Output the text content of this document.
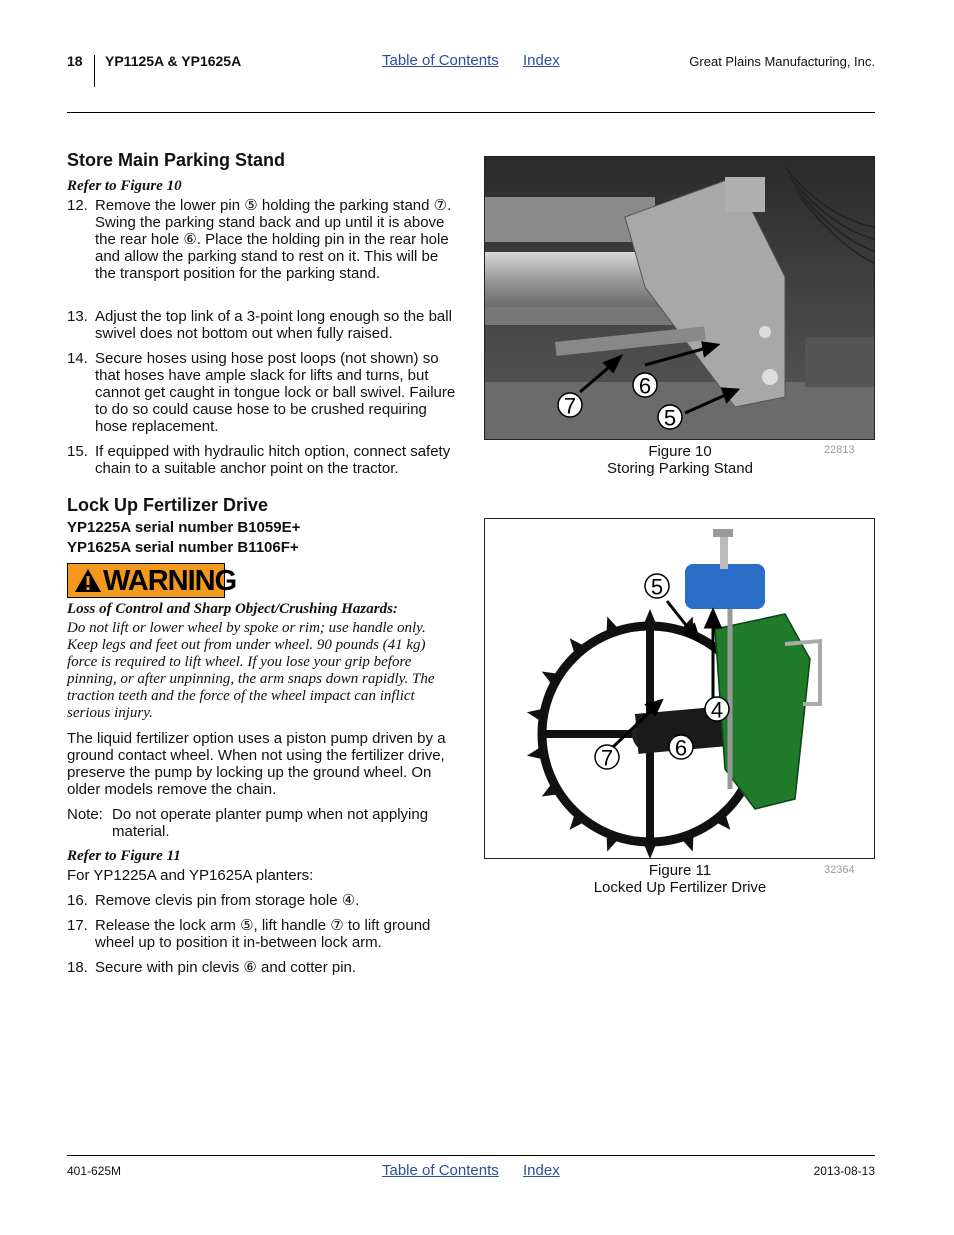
18 YP1125A & YP1625A	Table of Contents Index	Great Plains Manufacturing, Inc.
Store Main Parking Stand
Refer to Figure 10
12. Remove the lower pin ⑤ holding the parking stand ⑦. Swing the parking stand back and up until it is above the rear hole ⑥. Place the holding pin in the rear hole and allow the parking stand to rest on it. This will be the transport position for the parking stand.
13. Adjust the top link of a 3-point long enough so the ball swivel does not bottom out when fully raised.
14. Secure hoses using hose post loops (not shown) so that hoses have ample slack for lifts and turns, but cannot get caught in tongue lock or ball swivel. Failure to do so could cause hose to be crushed requiring hose replacement.
15. If equipped with hydraulic hitch option, connect safety chain to a suitable anchor point on the tractor.
Lock Up Fertilizer Drive
YP1225A serial number B1059E+
YP1625A serial number B1106F+
WARNING
Loss of Control and Sharp Object/Crushing Hazards:
Do not lift or lower wheel by spoke or rim; use handle only. Keep legs and feet out from under wheel. 90 pounds (41 kg) force is required to lift wheel. If you lose your grip before pinning, or after unpinning, the arm snaps down rapidly. The traction teeth and the force of the wheel impact can inflict serious injury.
The liquid fertilizer option uses a piston pump driven by a ground contact wheel. When not using the fertilizer drive, preserve the pump by locking up the ground wheel. On older models remove the chain.
Note: Do not operate planter pump when not applying material.
Refer to Figure 11
For YP1225A and YP1625A planters:
16. Remove clevis pin from storage hole ④.
17. Release the lock arm ⑤, lift handle ⑦ to lift ground wheel up to position it in-between lock arm.
18. Secure with pin clevis ⑥ and cotter pin.
7
6
5
Figure 10
Storing Parking Stand
22813
5
4
6
7
Figure 11
Locked Up Fertilizer Drive
32364
401-625M	Table of Contents Index	2013-08-13
